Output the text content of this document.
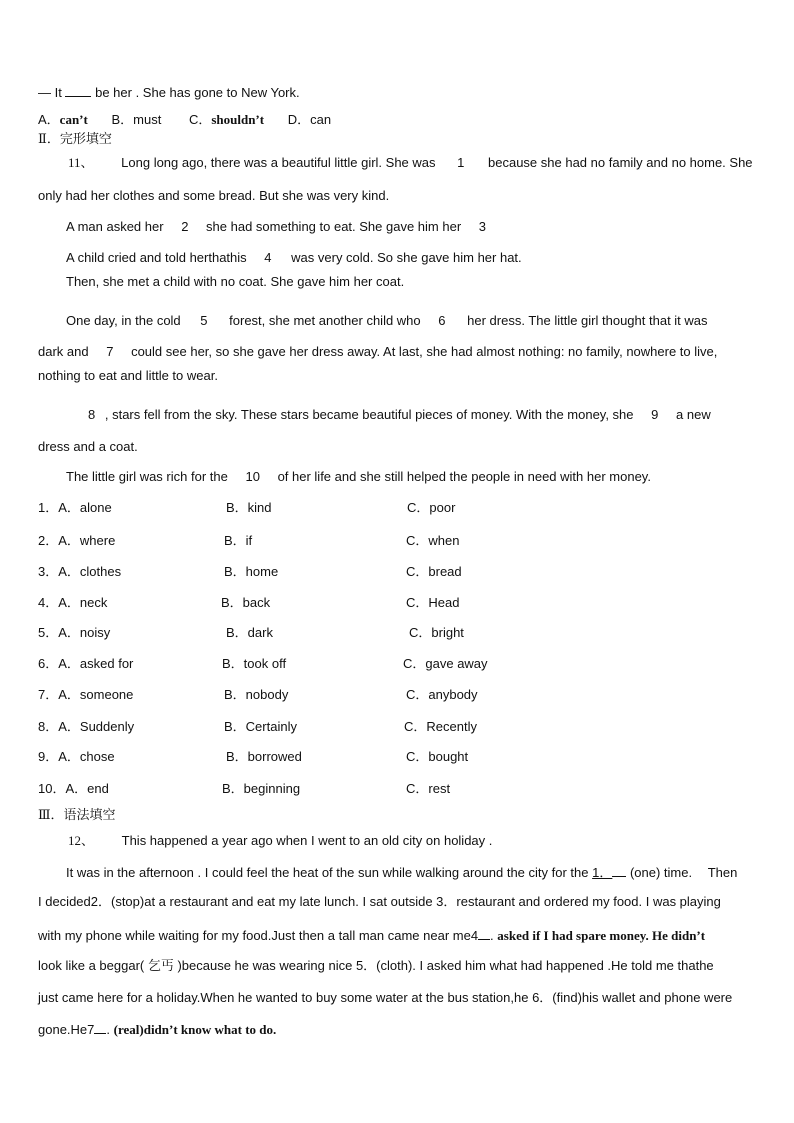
— It	be her . She has gone to New York.
A．can’t B．must C．shouldn’t D．can
Ⅱ．完形填空
11、 Long long ago, there was a beautiful little girl. She was 1 because she had no family and no home. She
only had her clothes and some bread. But she was very kind.
A man asked her 2 she had something to eat. She gave him her 3
A child cried and told herthathis 4 was very cold. So she gave him her hat.
Then, she met a child with no coat. She gave him her coat.
One day, in the cold 5 forest, she met another child who 6 her dress. The little girl thought that it was
dark and 7 could see her, so she gave her dress away. At last, she had almost nothing: no family, nowhere to live,
nothing to eat and little to wear.
8 , stars fell from the sky. These stars became beautiful pieces of money. With the money, she 9 a new
dress and a coat.
The little girl was rich for the 10 of her life and she still helped the people in need with her money.
1．A．alone	B．kind	C．poor
2．A．where	B．if	C．when
3．A．clothes	B．home	C．bread
4．A．neck	B．back	C．Head
5．A．noisy	B．dark	C．bright
6．A．asked for	B．took off	C．gave away
7．A．someone	B．nobody	C．anybody
8．A．Suddenly	B．Certainly	C．Recently
9．A．chose	B．borrowed	C．bought
10．A．end	B．beginning	C．rest
Ⅲ．语法填空
12、 This happened a year ago when I went to an old city on holiday .
It was in the afternoon . I could feel the heat of the sun while walking around the city for the 1． (one) time. Then
I decided2．(stop)at a restaurant and eat my late lunch. I sat outside 3．restaurant and ordered my food. I was playing
with my phone while waiting for my food.Just then a tall man came near me4 . asked if I had spare money. He didn’t
look like a beggar( 乞丐 )because he was wearing nice 5．(cloth). I asked him what had happened .He told me thathe
just came here for a holiday.When he wanted to buy some water at the bus station,he 6．(find)his wallet and phone were
gone.He7 . (real)didn’t know what to do.
